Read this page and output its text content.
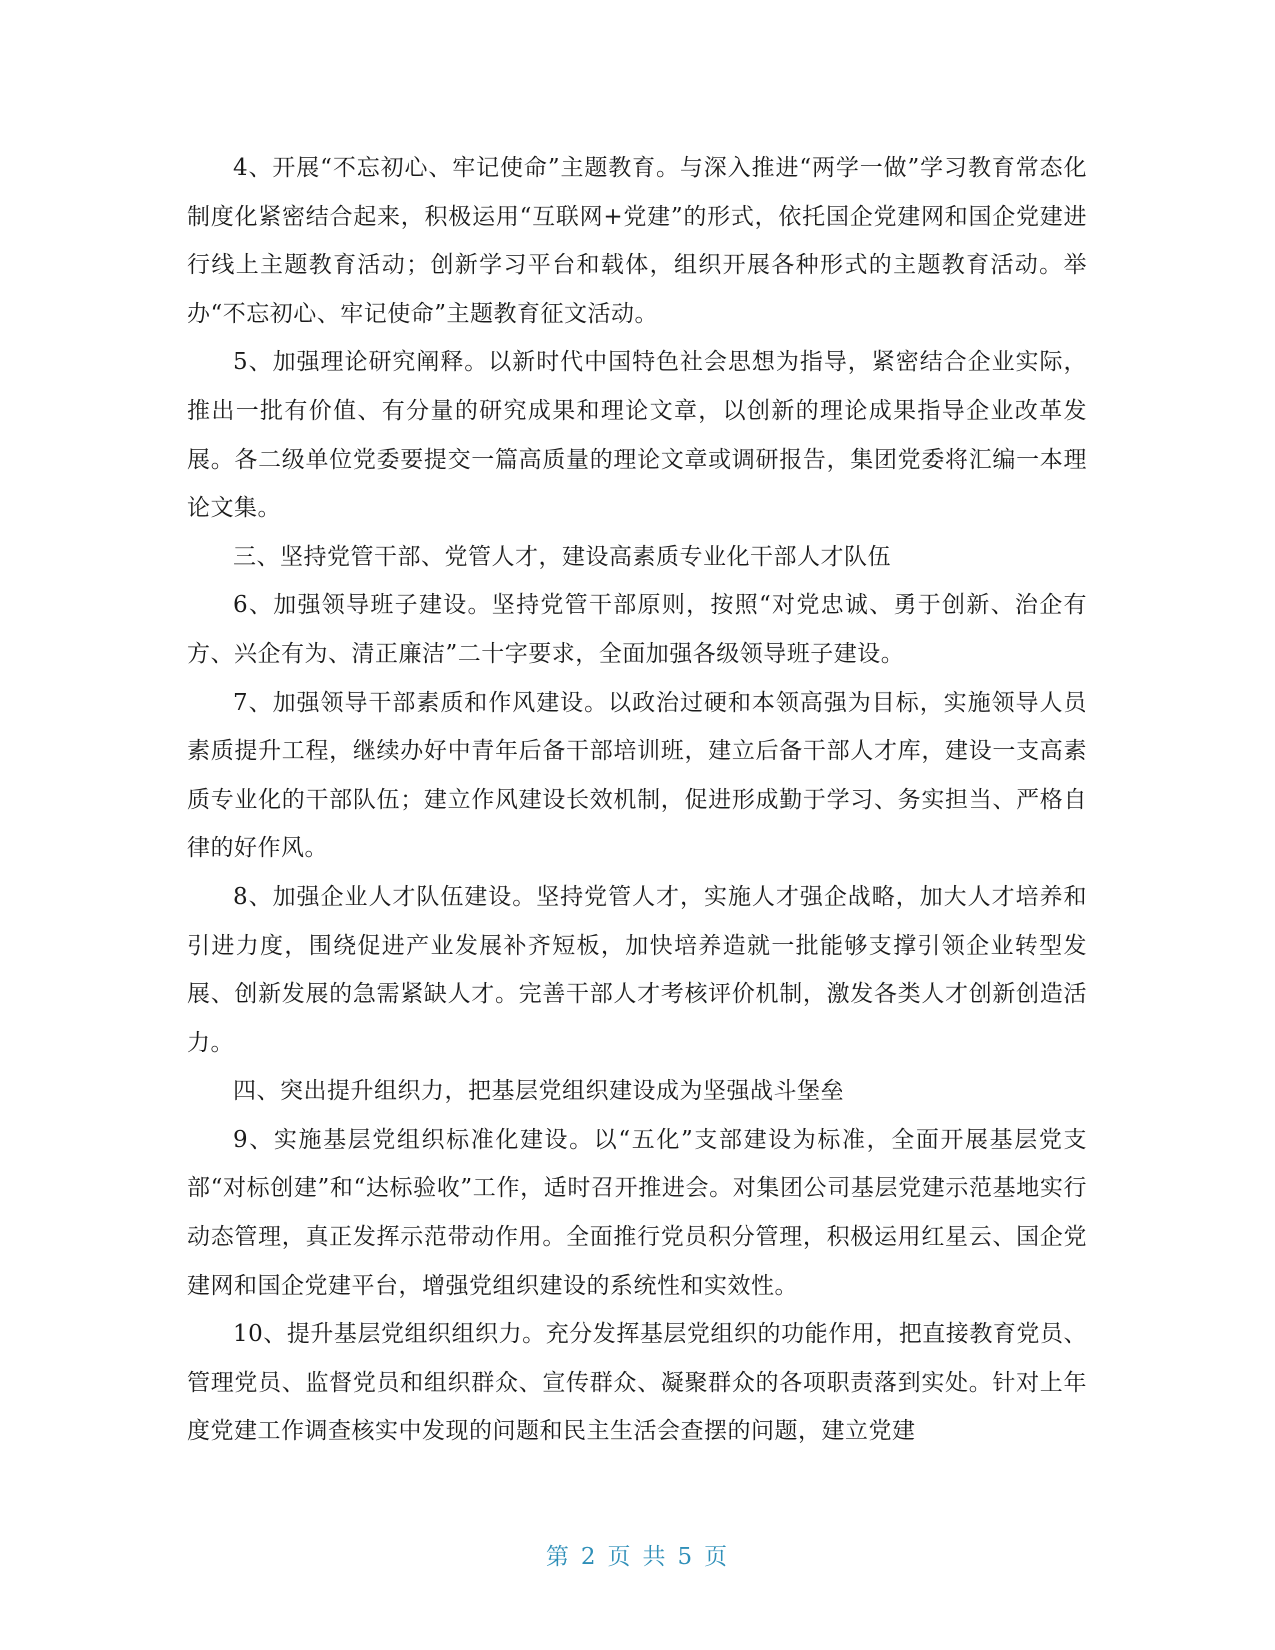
4、开展“不忘初心、牢记使命”主题教育。与深入推进“两学一做”学习教育常态化制度化紧密结合起来，积极运用“互联网+党建”的形式，依托国企党建网和国企党建进行线上主题教育活动；创新学习平台和载体，组织开展各种形式的主题教育活动。举办“不忘初心、牢记使命”主题教育征文活动。

5、加强理论研究阐释。以新时代中国特色社会思想为指导，紧密结合企业实际，推出一批有价值、有分量的研究成果和理论文章，以创新的理论成果指导企业改革发展。各二级单位党委要提交一篇高质量的理论文章或调研报告，集团党委将汇编一本理论文集。

三、坚持党管干部、党管人才，建设高素质专业化干部人才队伍

6、加强领导班子建设。坚持党管干部原则，按照“对党忠诚、勇于创新、治企有方、兴企有为、清正廉洁”二十字要求，全面加强各级领导班子建设。

7、加强领导干部素质和作风建设。以政治过硬和本领高强为目标，实施领导人员素质提升工程，继续办好中青年后备干部培训班，建立后备干部人才库，建设一支高素质专业化的干部队伍；建立作风建设长效机制，促进形成勤于学习、务实担当、严格自律的好作风。

8、加强企业人才队伍建设。坚持党管人才，实施人才强企战略，加大人才培养和引进力度，围绕促进产业发展补齐短板，加快培养造就一批能够支撑引领企业转型发展、创新发展的急需紧缺人才。完善干部人才考核评价机制，激发各类人才创新创造活力。

四、突出提升组织力，把基层党组织建设成为坚强战斗堡垒

9、实施基层党组织标准化建设。以“五化”支部建设为标准，全面开展基层党支部“对标创建”和“达标验收”工作，适时召开推进会。对集团公司基层党建示范基地实行动态管理，真正发挥示范带动作用。全面推行党员积分管理，积极运用红星云、国企党建网和国企党建平台，增强党组织建设的系统性和实效性。

10、提升基层党组织组织力。充分发挥基层党组织的功能作用，把直接教育党员、管理党员、监督党员和组织群众、宣传群众、凝聚群众的各项职责落到实处。针对上年度党建工作调查核实中发现的问题和民主生活会查摆的问题，建立党建

第 2 页 共 5 页
